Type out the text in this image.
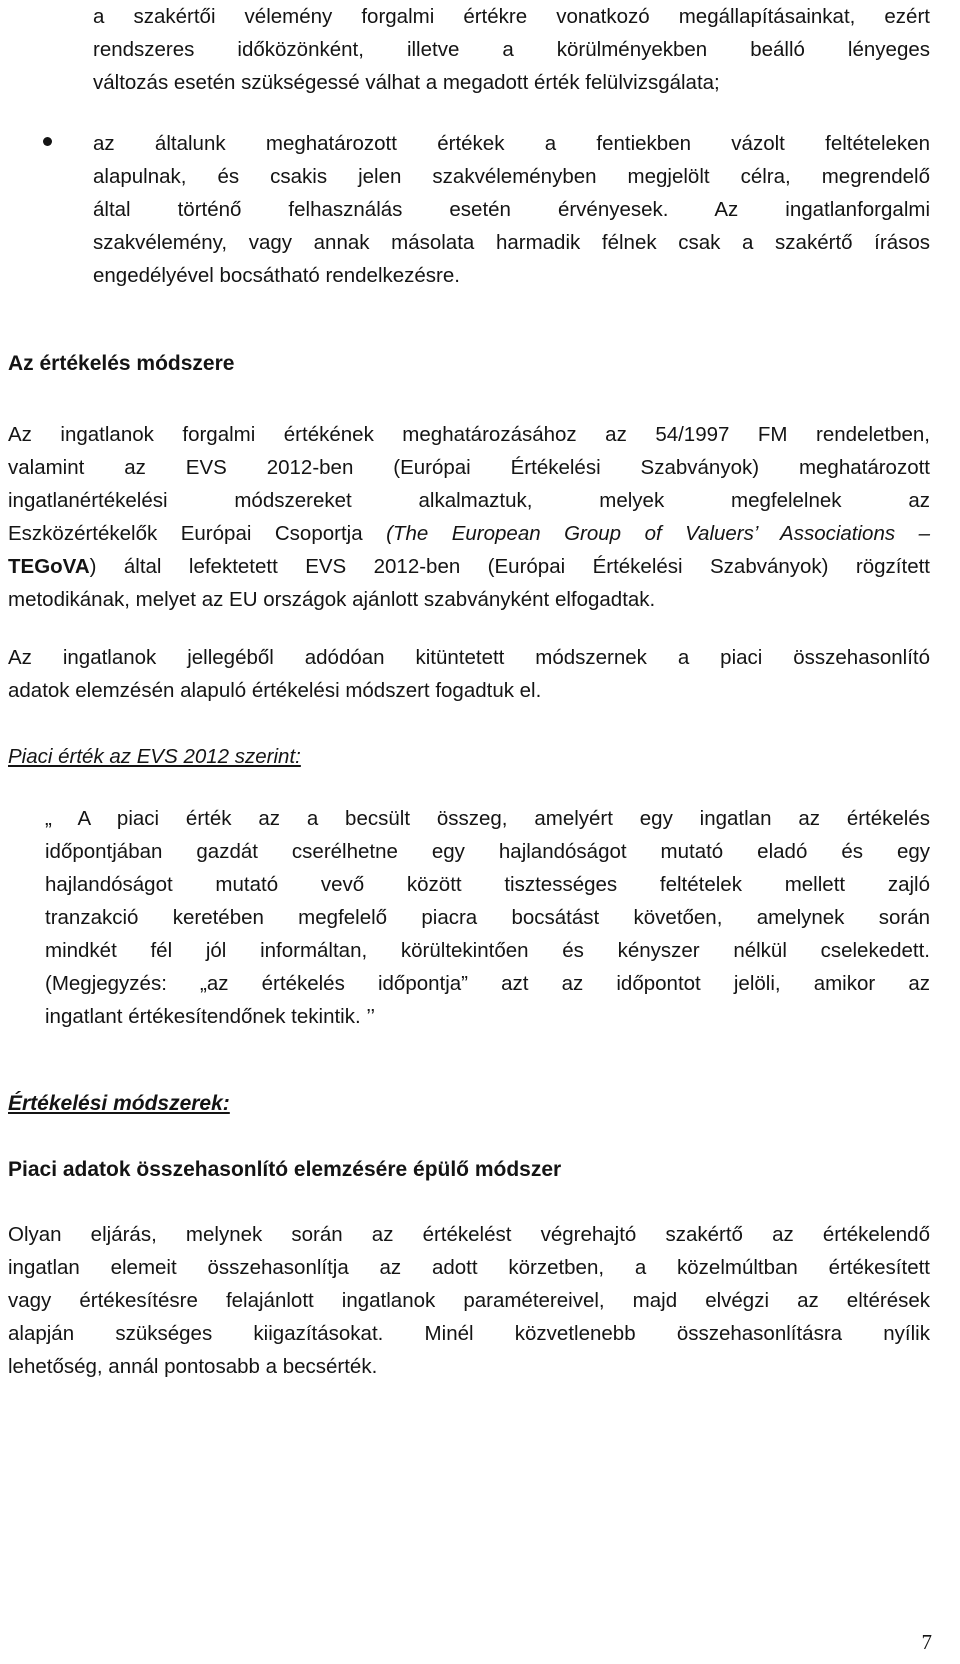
a szakértői vélemény forgalmi értékre vonatkozó megállapításainkat, ezért
rendszeres időközönként, illetve a körülményekben beálló lényeges
változás esetén szükségessé válhat a megadott érték felülvizsgálata;
az általunk meghatározott értékek a fentiekben vázolt feltételeken
alapulnak, és csakis jelen szakvéleményben megjelölt célra, megrendelő
által történő felhasználás esetén érvényesek. Az ingatlanforgalmi
szakvélemény, vagy annak másolata harmadik félnek csak a szakértő írásos
engedélyével bocsátható rendelkezésre.
Az értékelés módszere
Az ingatlanok forgalmi értékének meghatározásához az 54/1997 FM rendeletben,
valamint az EVS 2012-ben (Európai Értékelési Szabványok) meghatározott
ingatlanértékelési módszereket alkalmaztuk, melyek megfelelnek az
Eszközértékelők Európai Csoportja (The European Group of Valuers’ Associations –
TEGoVA) által lefektetett EVS 2012-ben (Európai Értékelési Szabványok) rögzített
metodikának, melyet az EU országok ajánlott szabványként elfogadtak.
Az ingatlanok jellegéből adódóan kitüntetett módszernek a piaci összehasonlító
adatok elemzésén alapuló értékelési módszert fogadtuk el.
Piaci érték az EVS 2012 szerint:
„ A piaci érték az a becsült összeg, amelyért egy ingatlan az értékelés
időpontjában gazdát cserélhetne egy hajlandóságot mutató eladó és egy
hajlandóságot mutató vevő között tisztességes feltételek mellett zajló
tranzakció keretében megfelelő piacra bocsátást követően, amelynek során
mindkét fél jól informáltan, körültekintően és kényszer nélkül cselekedett.
(Megjegyzés: „az értékelés időpontja” azt az időpontot jelöli, amikor az
ingatlant értékesítendőnek tekintik. ’’
Értékelési módszerek:
Piaci adatok összehasonlító elemzésére épülő módszer
Olyan eljárás, melynek során az értékelést végrehajtó szakértő az értékelendő
ingatlan elemeit összehasonlítja az adott körzetben, a közelmúltban értékesített
vagy értékesítésre felajánlott ingatlanok paramétereivel, majd elvégzi az eltérések
alapján szükséges kiigazításokat. Minél közvetlenebb összehasonlításra nyílik
lehetőség, annál pontosabb a becsérték.
7
